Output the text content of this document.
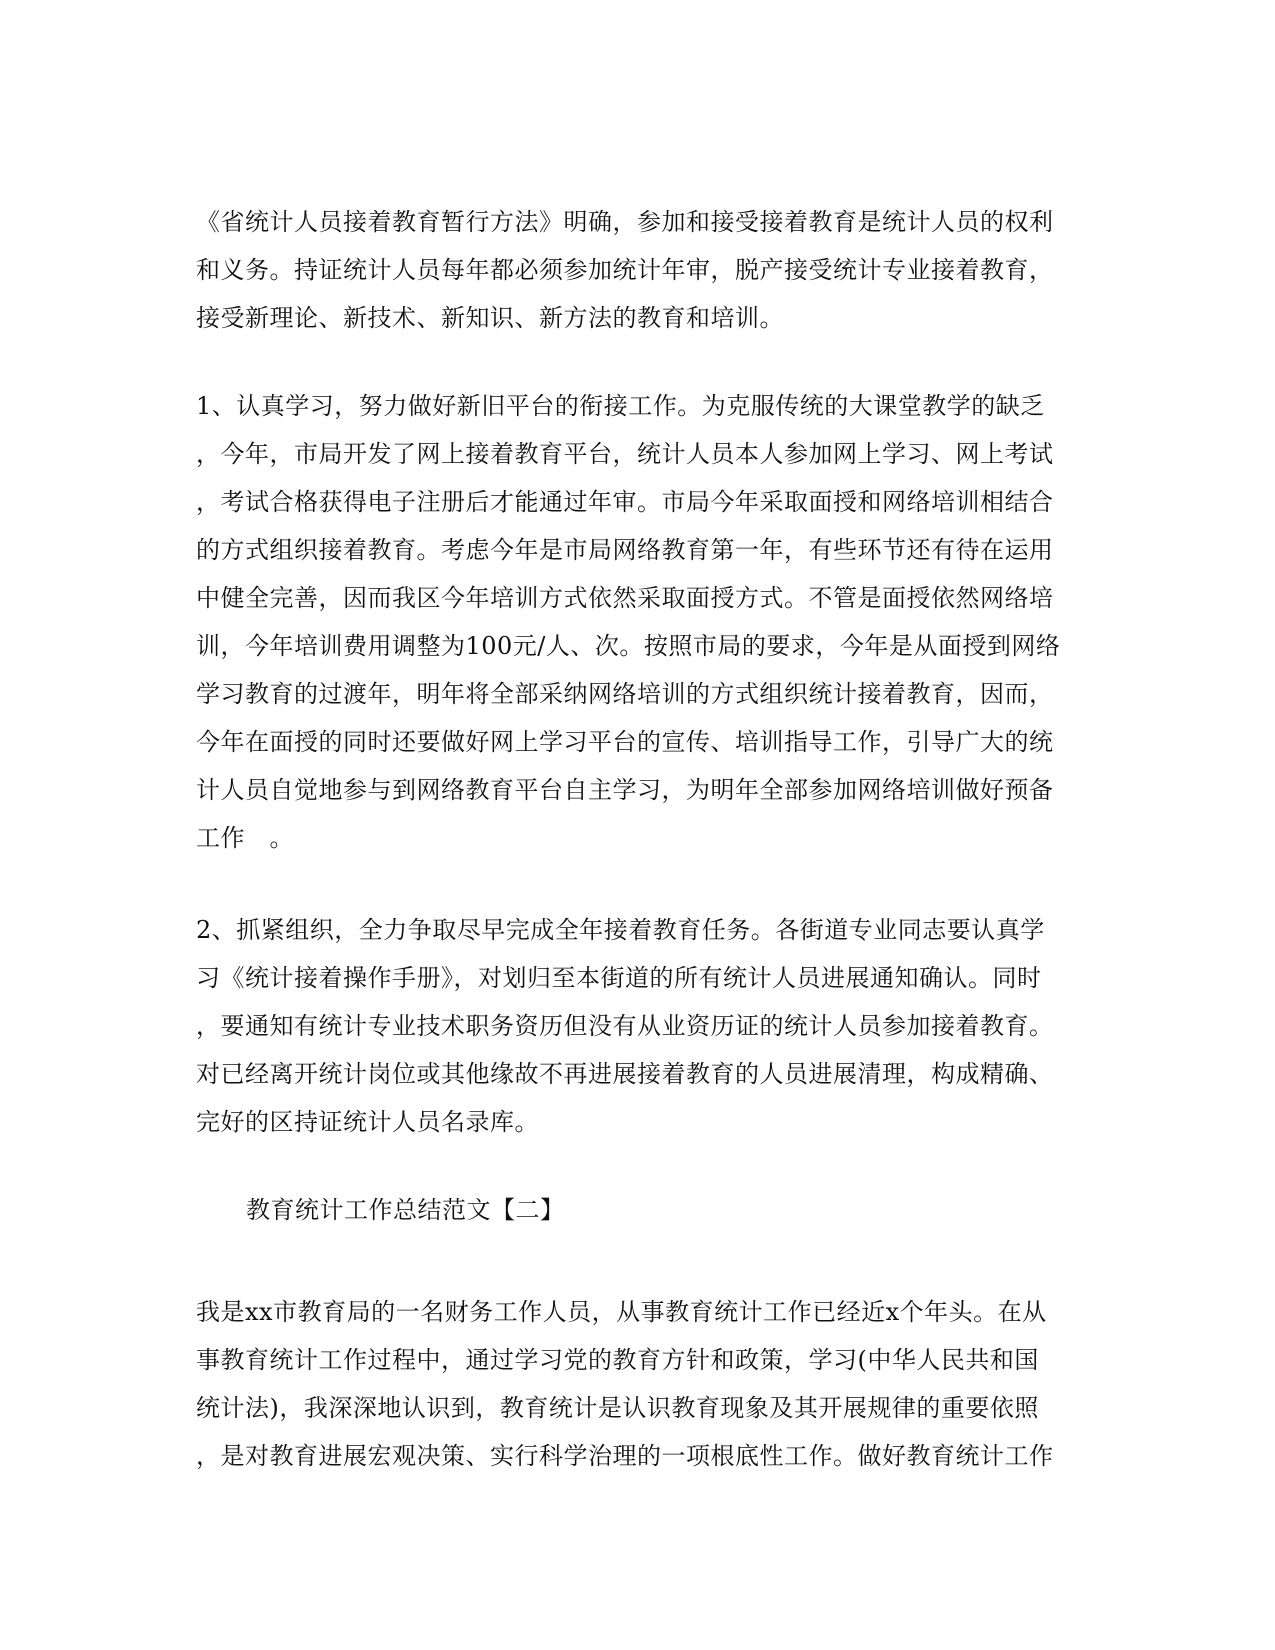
《省统计人员接着教育暂行方法》明确，参加和接受接着教育是统计人员的权利
和义务。持证统计人员每年都必须参加统计年审，脱产接受统计专业接着教育，
接受新理论、新技术、新知识、新方法的教育和培训。
1、认真学习，努力做好新旧平台的衔接工作。为克服传统的大课堂教学的缺乏
，今年，市局开发了网上接着教育平台，统计人员本人参加网上学习、网上考试
，考试合格获得电子注册后才能通过年审。市局今年采取面授和网络培训相结合
的方式组织接着教育。考虑今年是市局网络教育第一年，有些环节还有待在运用
中健全完善，因而我区今年培训方式依然采取面授方式。不管是面授依然网络培
训，今年培训费用调整为100元/人、次。按照市局的要求，今年是从面授到网络
学习教育的过渡年，明年将全部采纳网络培训的方式组织统计接着教育，因而，
今年在面授的同时还要做好网上学习平台的宣传、培训指导工作，引导广大的统
计人员自觉地参与到网络教育平台自主学习，为明年全部参加网络培训做好预备
工作　。
2、抓紧组织，全力争取尽早完成全年接着教育任务。各街道专业同志要认真学
习《统计接着操作手册》，对划归至本街道的所有统计人员进展通知确认。同时
，要通知有统计专业技术职务资历但没有从业资历证的统计人员参加接着教育。
对已经离开统计岗位或其他缘故不再进展接着教育的人员进展清理，构成精确、
完好的区持证统计人员名录库。
教育统计工作总结范文【二】
我是xx市教育局的一名财务工作人员，从事教育统计工作已经近x个年头。在从
事教育统计工作过程中，通过学习党的教育方针和政策，学习(中华人民共和国
统计法)，我深深地认识到，教育统计是认识教育现象及其开展规律的重要依照
，是对教育进展宏观决策、实行科学治理的一项根底性工作。做好教育统计工作
